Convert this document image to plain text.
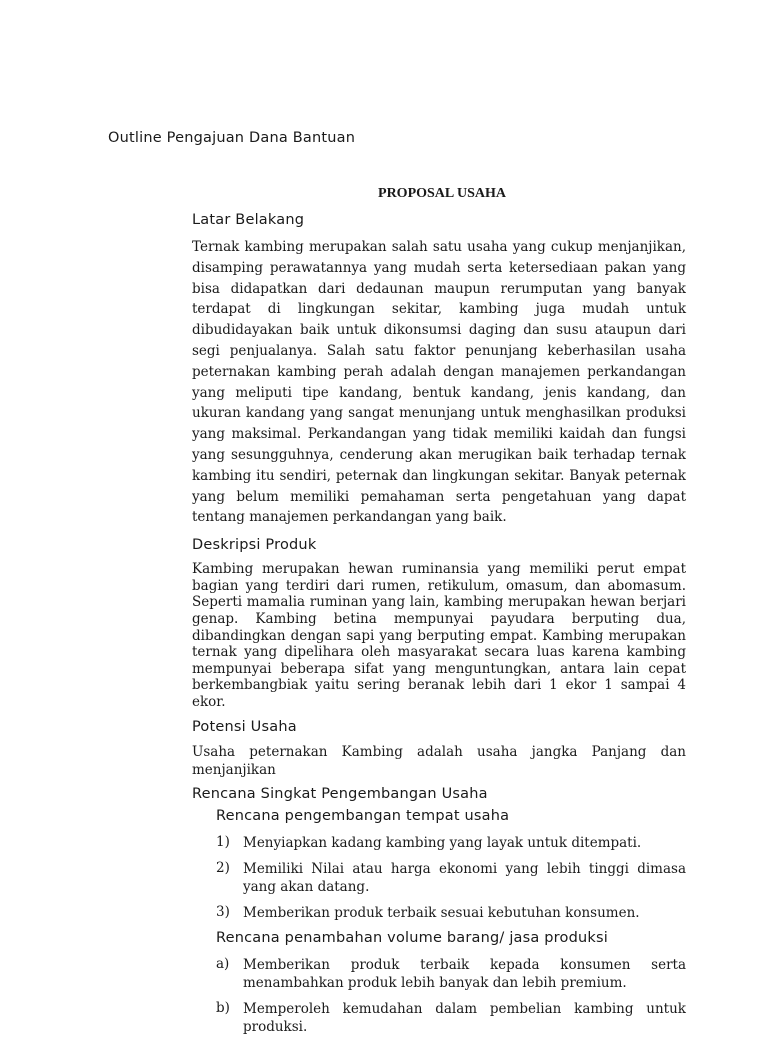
Outline Pengajuan Dana Bantuan
PROPOSAL USAHA
Latar Belakang

Ternak kambing merupakan salah satu usaha yang cukup menjanjikan, disamping perawatannya yang mudah serta ketersediaan pakan yang bisa didapatkan dari dedaunan maupun rerumputan yang banyak terdapat di lingkungan sekitar, kambing juga mudah untuk dibudidayakan baik untuk dikonsumsi daging dan susu ataupun dari segi penjualanya. Salah satu faktor penunjang keberhasilan usaha peternakan kambing perah adalah dengan manajemen perkandangan yang meliputi tipe kandang, bentuk kandang, jenis kandang, dan ukuran kandang yang sangat menunjang untuk menghasilkan produksi yang maksimal. Perkandangan yang tidak memiliki kaidah dan fungsi yang sesungguhnya, cenderung akan merugikan baik terhadap ternak kambing itu sendiri, peternak dan lingkungan sekitar. Banyak peternak yang belum memiliki pemahaman serta pengetahuan yang dapat tentang manajemen perkandangan yang baik.

Deskripsi Produk

Kambing merupakan hewan ruminansia yang memiliki perut empat bagian yang terdiri dari rumen, retikulum, omasum, dan abomasum. Seperti mamalia ruminan yang lain, kambing merupakan hewan berjari genap. Kambing betina mempunyai payudara berputing dua, dibandingkan dengan sapi yang berputing empat. Kambing merupakan ternak yang dipelihara oleh masyarakat secara luas karena kambing mempunyai beberapa sifat yang menguntungkan, antara lain cepat berkembangbiak yaitu sering beranak lebih dari 1 ekor 1 sampai 4 ekor.

Potensi Usaha

Usaha peternakan Kambing adalah usaha jangka Panjang dan menjanjikan

Rencana Singkat Pengembangan Usaha
Rencana pengembangan tempat usaha
1) Menyiapkan kadang kambing yang layak untuk ditempati.
2) Memiliki Nilai atau harga ekonomi yang lebih tinggi dimasa yang akan datang.
3) Memberikan produk terbaik sesuai kebutuhan konsumen.
Rencana penambahan volume barang/ jasa produksi
a)	Memberikan produk terbaik kepada konsumen serta menambahkan produk lebih banyak dan lebih premium.
b) Memperoleh kemudahan dalam pembelian kambing untuk produksi.
